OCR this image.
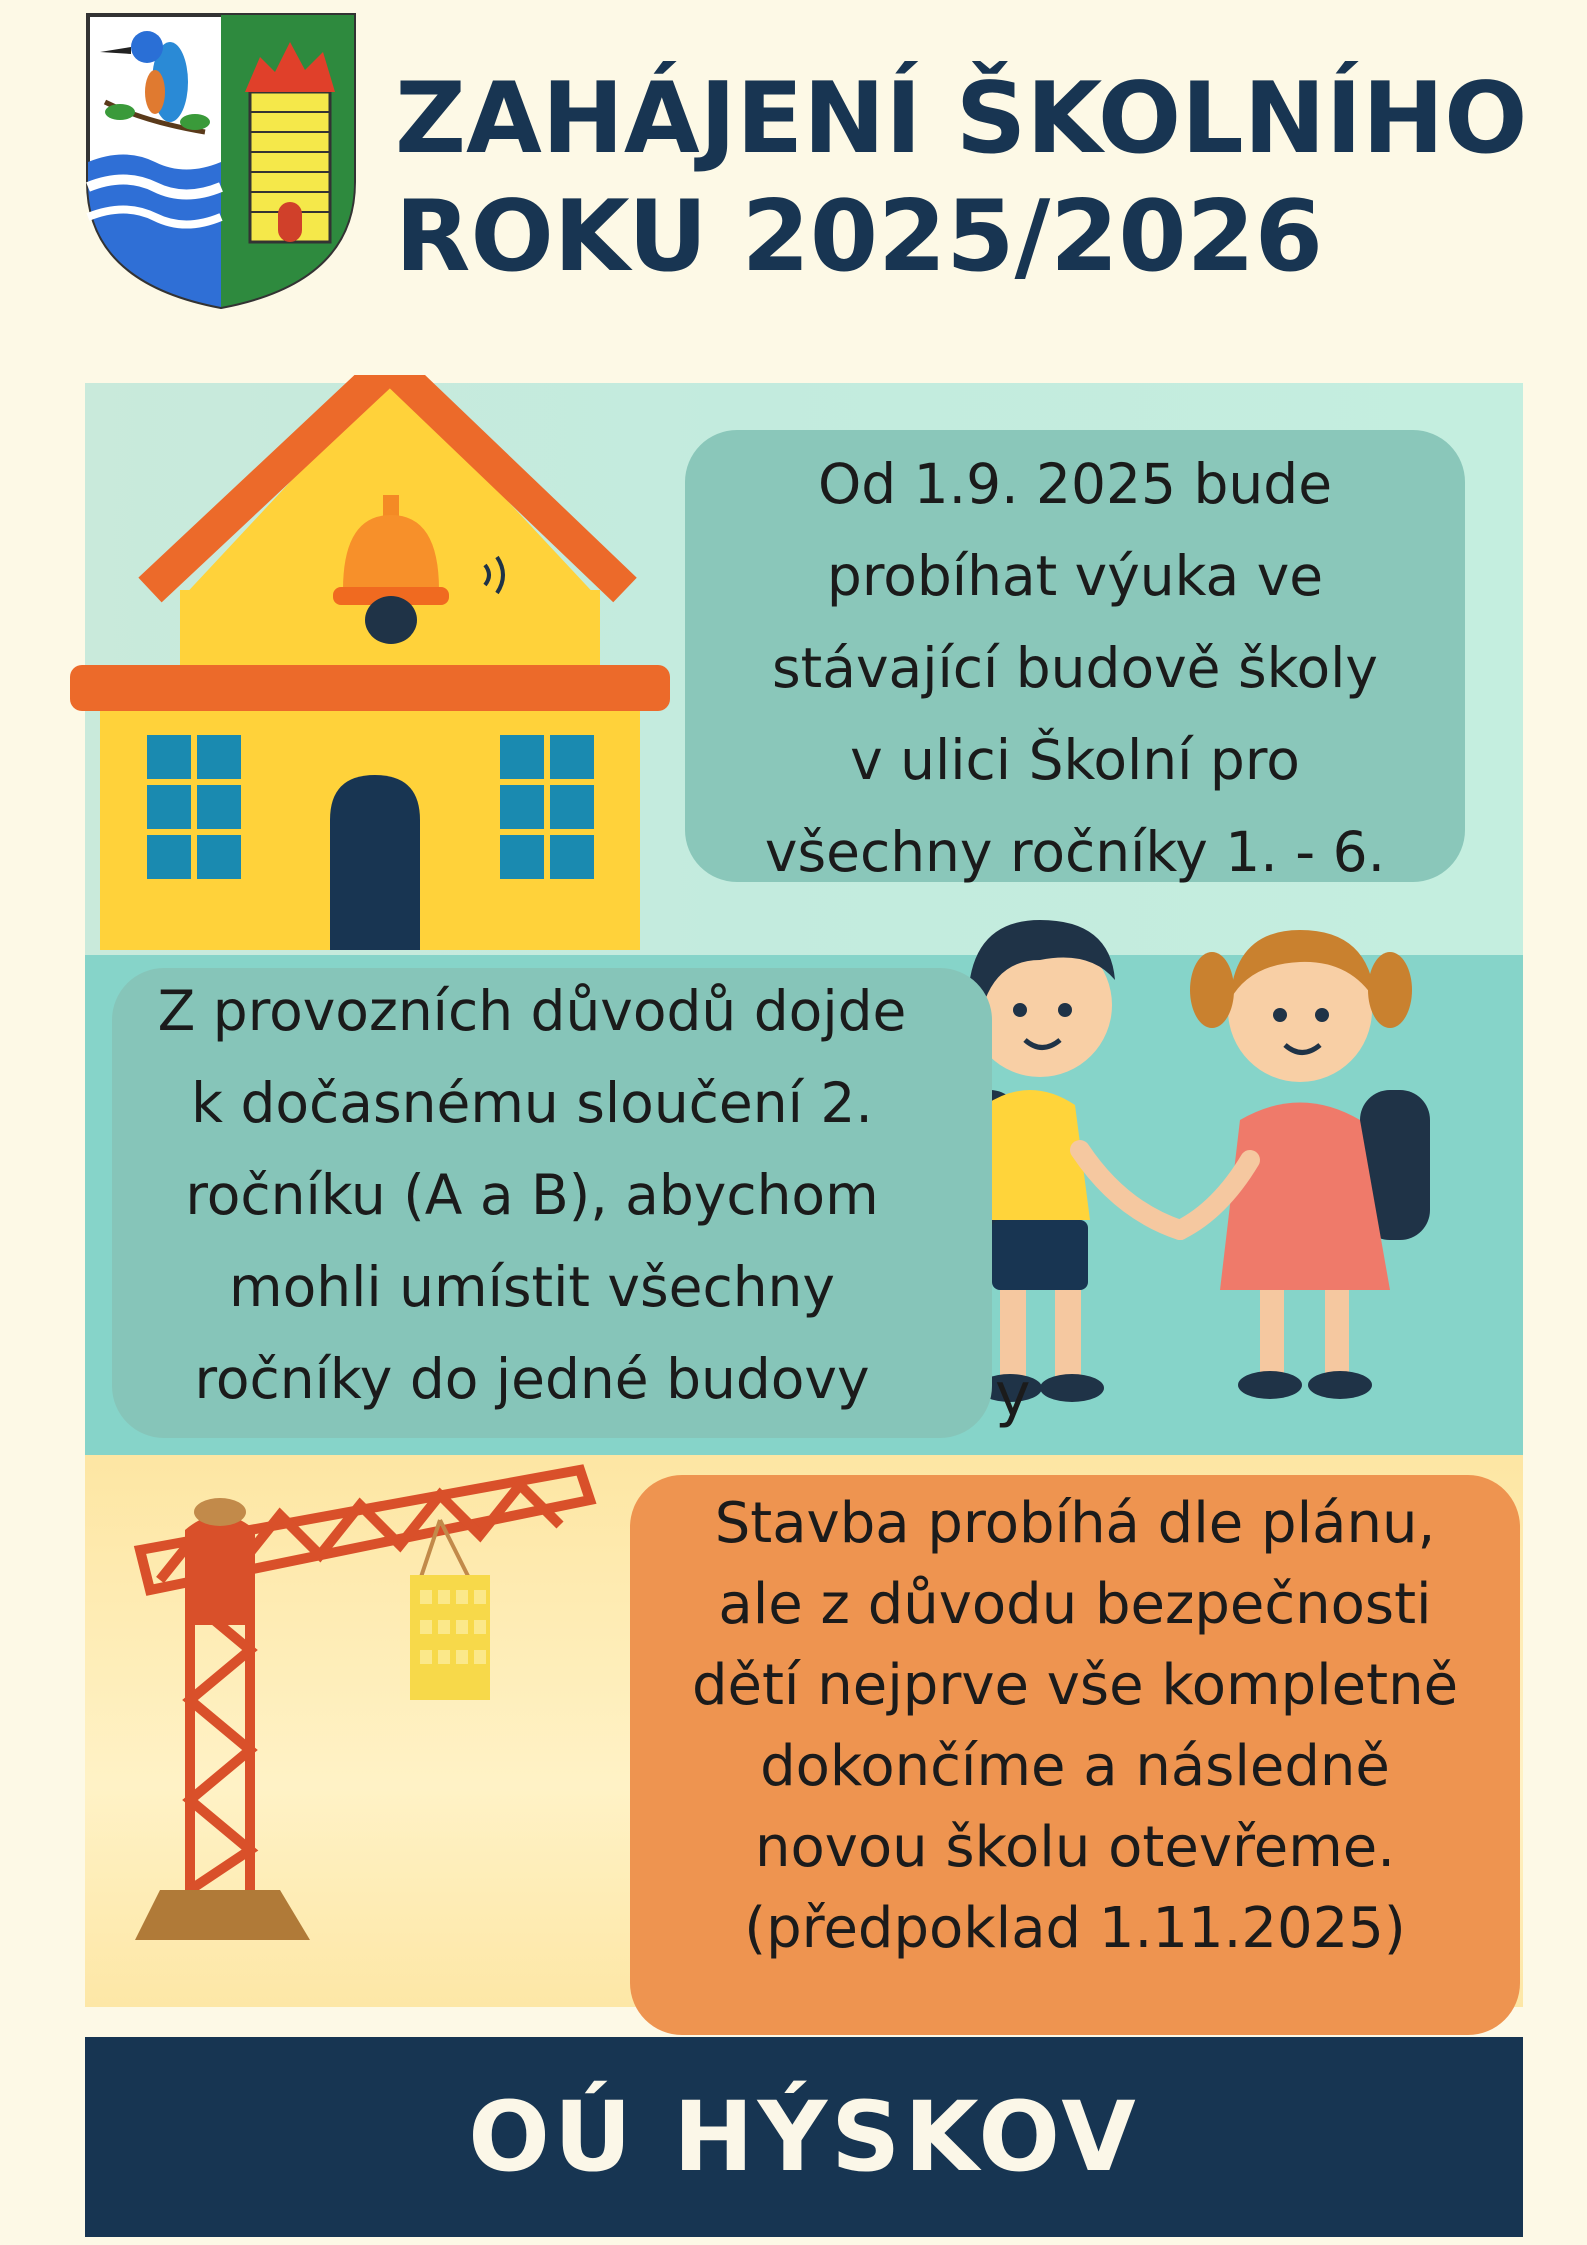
ZAHÁJENÍ ŠKOLNÍHO
ROKU 2025/2026
Od 1.9. 2025 bude
probíhat výuka ve
stávající budově školy
v ulici Školní pro
všechny ročníky 1. - 6.
Z provozních důvodů dojde
k dočasnému sloučení 2.
ročníku (A a B), abychom
mohli umístit všechny
ročníky do jedné budovy	y
Stavba probíhá dle plánu,
ale z důvodu bezpečnosti
dětí nejprve vše kompletně
dokončíme a následně
novou školu otevřeme.
(předpoklad 1.11.2025)
OÚ HÝSKOV
